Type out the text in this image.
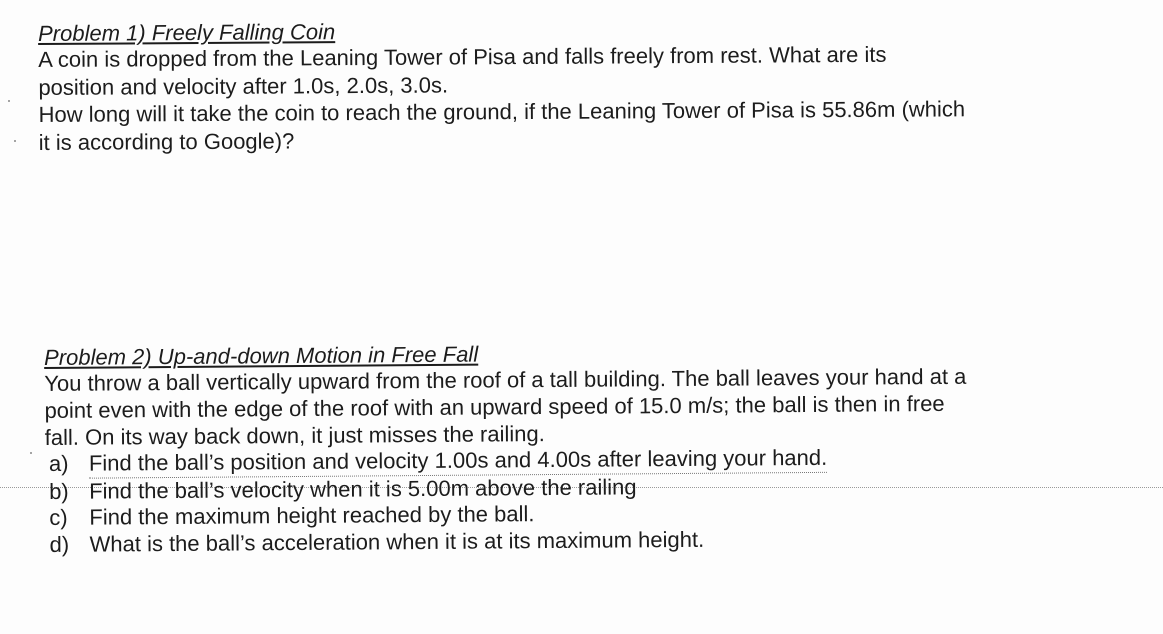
Problem 1) Freely Falling Coin
A coin is dropped from the Leaning Tower of Pisa and falls freely from rest. What are its
position and velocity after 1.0s, 2.0s, 3.0s.
How long will it take the coin to reach the ground, if the Leaning Tower of Pisa is 55.86m (which
it is according to Google)?
Problem 2) Up-and-down Motion in Free Fall
You throw a ball vertically upward from the roof of a tall building. The ball leaves your hand at a
point even with the edge of the roof with an upward speed of 15.0 m/s; the ball is then in free
fall. On its way back down, it just misses the railing.
a) Find the ball’s position and velocity 1.00s and 4.00s after leaving your hand.
b) Find the ball’s velocity when it is 5.00m above the railing
c) Find the maximum height reached by the ball.
d) What is the ball’s acceleration when it is at its maximum height.
